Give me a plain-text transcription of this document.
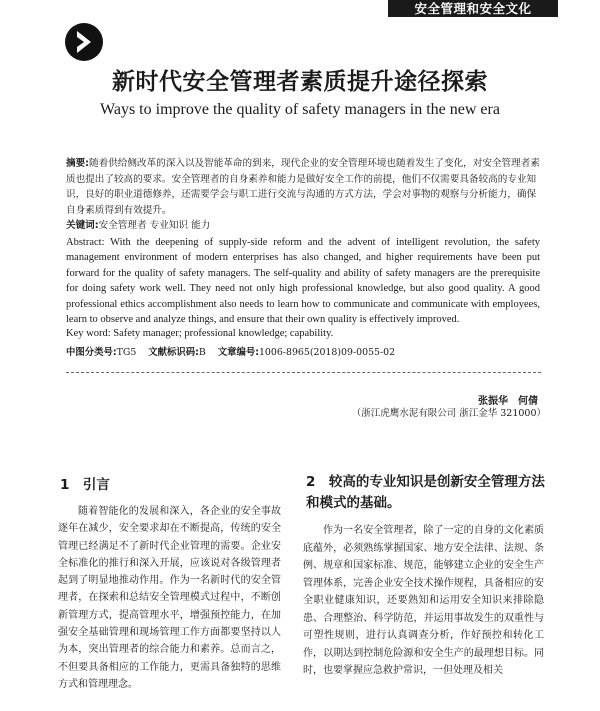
安全管理和安全文化
新时代安全管理者素质提升途径探索
Ways to improve the quality of safety managers in the new era
摘要:随着供给侧改革的深入以及智能革命的到来，现代企业的安全管理环境也随着发生了变化，对安全管理者素质也提出了较高的要求。安全管理者的自身素养和能力是做好安全工作的前提，他们不仅需要具备较高的专业知识，良好的职业道德修养，还需要学会与职工进行交流与沟通的方式方法，学会对事物的观察与分析能力，确保自身素质得到有效提升。
关键词:安全管理者 专业知识 能力
Abstract: With the deepening of supply-side reform and the advent of intelligent revolution, the safety management environment of modern enterprises has also changed, and higher requirements have been put forward for the quality of safety managers. The self-quality and ability of safety managers are the prerequisite for doing safety work well. They need not only high professional knowledge, but also good quality. A good professional ethics accomplishment also needs to learn how to communicate and communicate with employees, learn to observe and analyze things, and ensure that their own quality is effectively improved.
Key word: Safety manager; professional knowledge; capability.
中图分类号:TG5 文献标识码:B 文章编号:1006-8965(2018)09-0055-02
张振华　何倩
（浙江虎鹰水泥有限公司 浙江金华 321000）
1　引言
随着智能化的发展和深入，各企业的安全事故逐年在减少，安全要求却在不断提高，传统的安全管理已经满足不了新时代企业管理的需要。企业安全标准化的推行和深入开展，应该说对各级管理者起到了明显地推动作用。作为一名新时代的安全管理者，在探索和总结安全管理模式过程中，不断创新管理方式，提高管理水平，增强预控能力，在加强安全基础管理和现场管理工作方面都要坚持以人为本，突出管理者的综合能力和素养。总而言之，不但要具备相应的工作能力，更需具备独特的思维方式和管理理念。
2　较高的专业知识是创新安全管理方法和模式的基础。
作为一名安全管理者，除了一定的自身的文化素质底蕴外，必须熟练掌握国家、地方安全法律、法规、条例、规章和国家标准、规范，能够建立企业的安全生产管理体系，完善企业安全技术操作规程，具备相应的安全职业健康知识，还要熟知和运用安全知识来排除隐患、合理整治、科学防范，并运用事故发生的双重性与可塑性规则，进行认真调查分析，作好预控和转化工作，以期达到控制危险源和安全生产的最理想目标。同时，也要掌握应急救护常识，一但处理及相关
